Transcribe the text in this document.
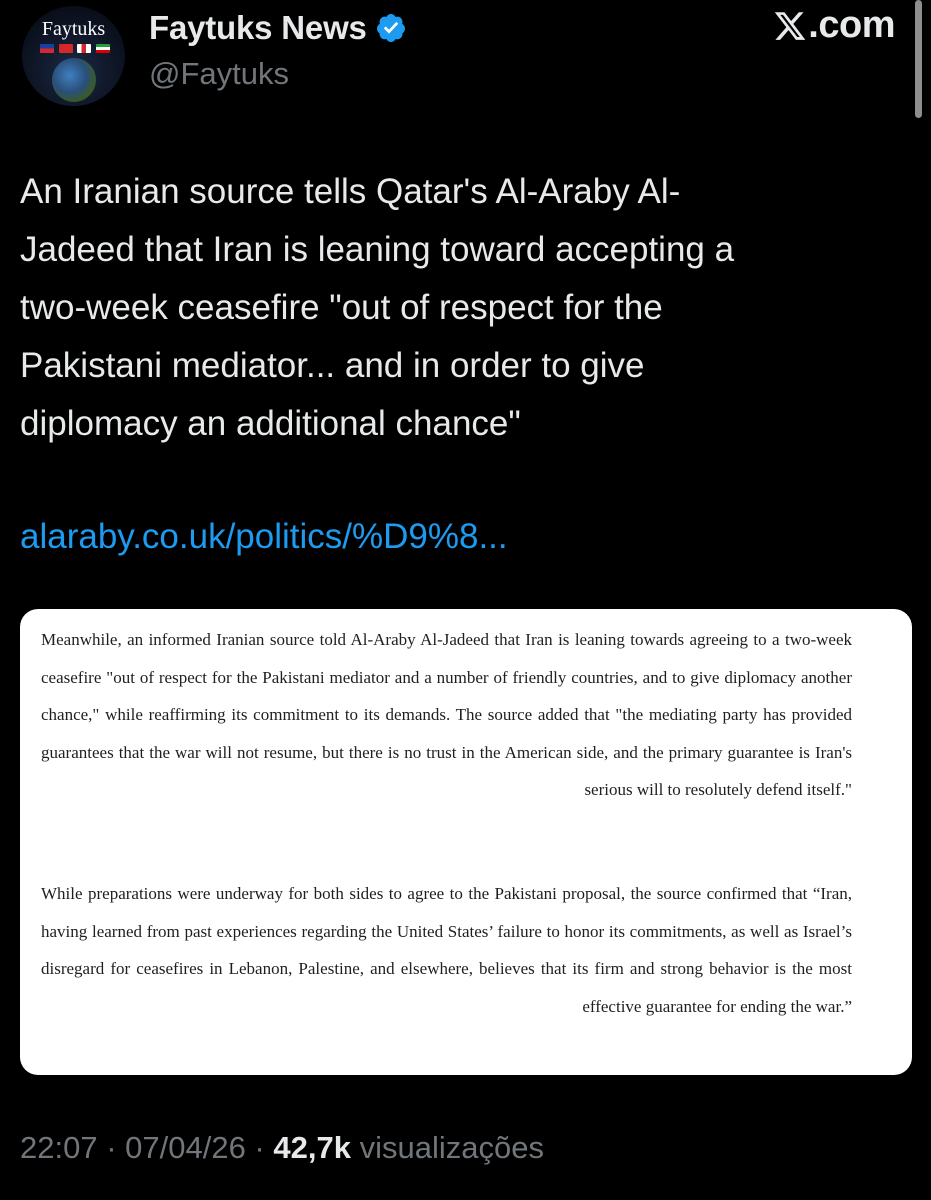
Faytuks	Faytuks News
@Faytuks
.com

An Iranian source tells Qatar's Al-Araby Al-
Jadeed that Iran is leaning toward accepting a
two-week ceasefire "out of respect for the
Pakistani mediator... and in order to give
diplomacy an additional chance"

alaraby.co.uk/politics/%D9%8...

Meanwhile, an informed Iranian source told Al-Araby Al-Jadeed that Iran is leaning towards agreeing to a two-week ceasefire "out of respect for the Pakistani mediator and a number of friendly countries, and to give diplomacy another chance," while reaffirming its commitment to its demands. The source added that "the mediating party has provided guarantees that the war will not resume, but there is no trust in the American side, and the primary guarantee is Iran's serious will to resolutely defend itself."

While preparations were underway for both sides to agree to the Pakistani proposal, the source confirmed that “Iran, having learned from past experiences regarding the United States’ failure to honor its commitments, as well as Israel’s disregard for ceasefires in Lebanon, Palestine, and elsewhere, believes that its firm and strong behavior is the most effective guarantee for ending the war.”

22:07 · 07/04/26 · 42,7k visualizações
